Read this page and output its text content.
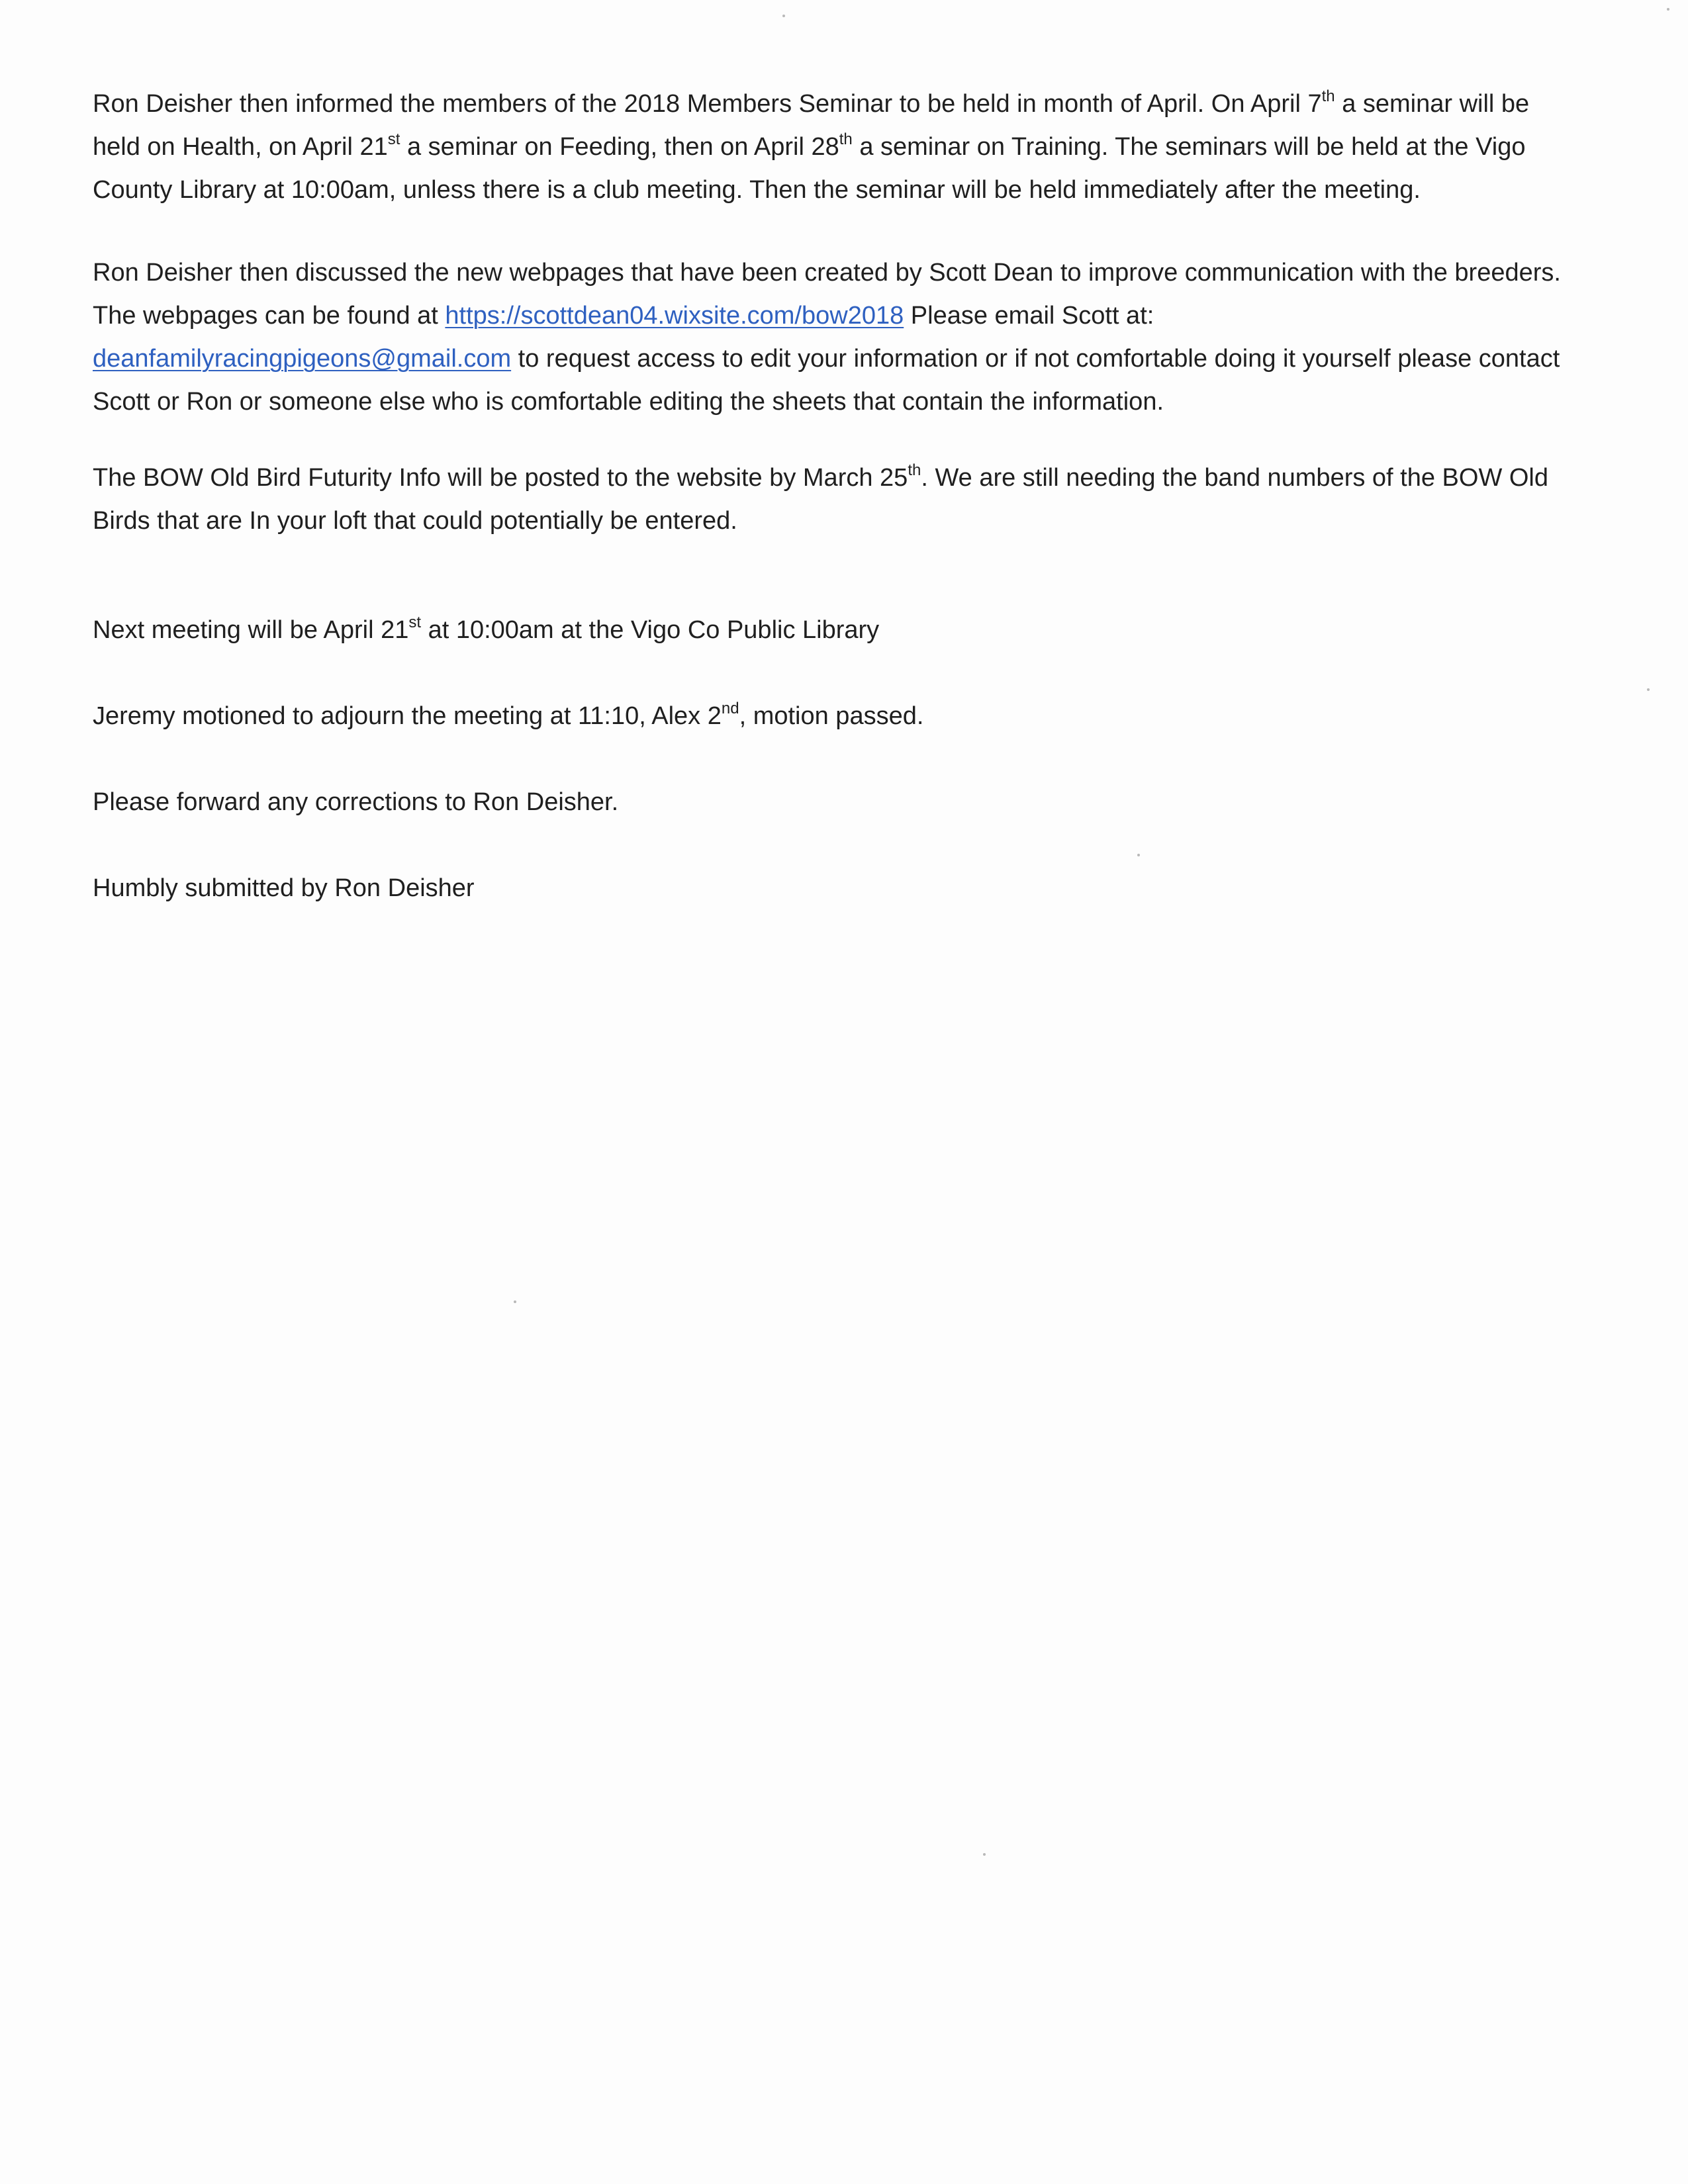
Ron Deisher then informed the members of the 2018 Members Seminar to be held in month of April. On April 7th a seminar will be held on Health, on April 21st a seminar on Feeding, then on April 28th a seminar on Training. The seminars will be held at the Vigo County Library at 10:00am, unless there is a club meeting. Then the seminar will be held immediately after the meeting.

Ron Deisher then discussed the new webpages that have been created by Scott Dean to improve communication with the breeders. The webpages can be found at https://scottdean04.wixsite.com/bow2018 Please email Scott at: deanfamilyracingpigeons@gmail.com to request access to edit your information or if not comfortable doing it yourself please contact Scott or Ron or someone else who is comfortable editing the sheets that contain the information.

The BOW Old Bird Futurity Info will be posted to the website by March 25th. We are still needing the band numbers of the BOW Old Birds that are In your loft that could potentially be entered.

Next meeting will be April 21st at 10:00am at the Vigo Co Public Library

Jeremy motioned to adjourn the meeting at 11:10, Alex 2nd, motion passed.

Please forward any corrections to Ron Deisher.

Humbly submitted by Ron Deisher
